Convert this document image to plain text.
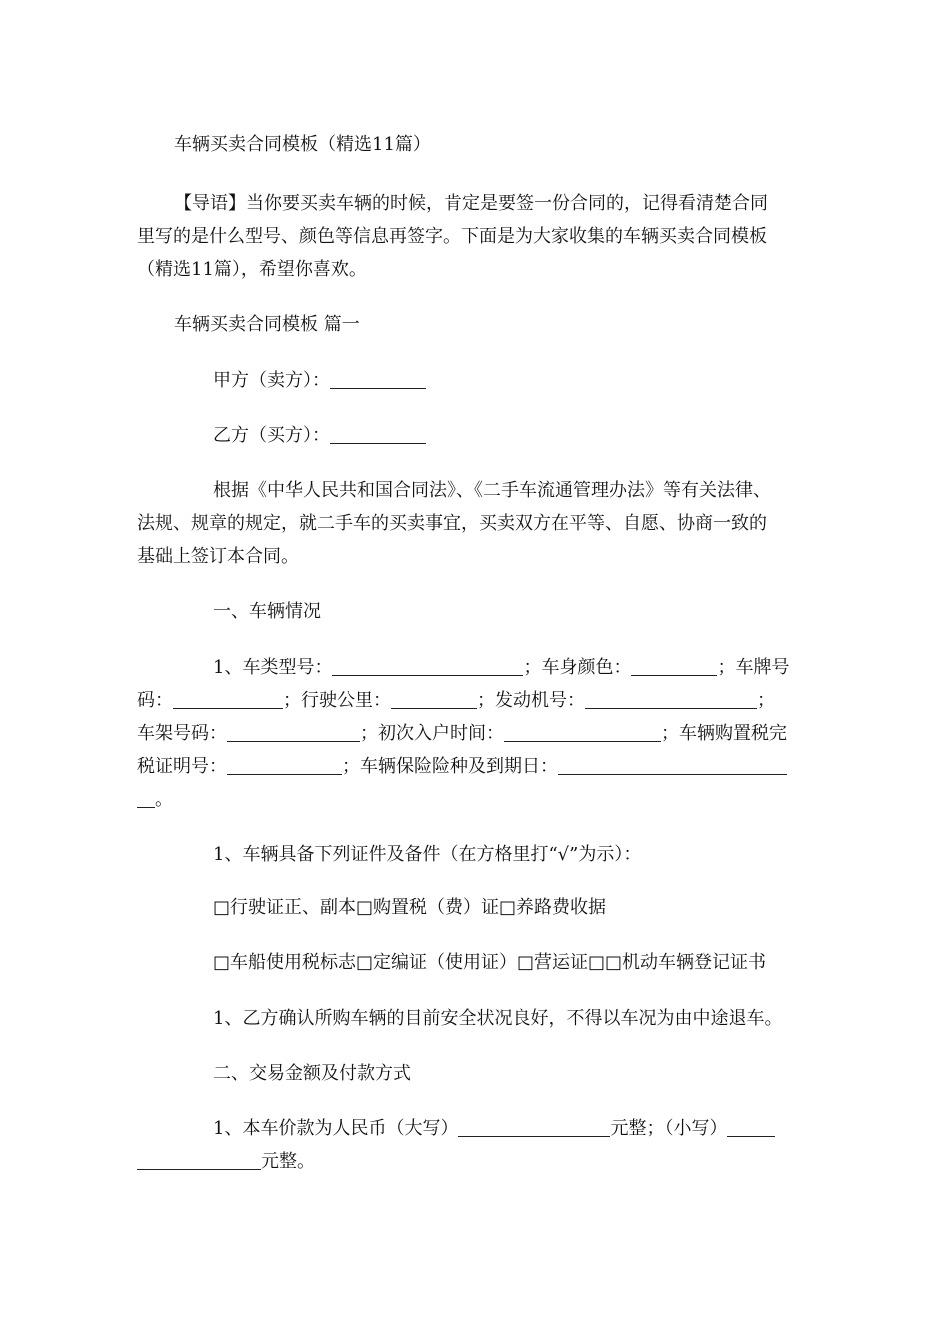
车辆买卖合同模板（精选11篇）

【导语】当你要买卖车辆的时候，肯定是要签一份合同的，记得看清楚合同

里写的是什么型号、颜色等信息再签字。下面是为大家收集的车辆买卖合同模板

（精选11篇），希望你喜欢。

车辆买卖合同模板 篇一

甲方（卖方）：

乙方（买方）：

根据《中华人民共和国合同法》、《二手车流通管理办法》等有关法律、

法规、规章的规定，就二手车的买卖事宜，买卖双方在平等、自愿、协商一致的

基础上签订本合同。

一、车辆情况

1、车类型号：	；车身颜色：	；车牌号

码：	；行驶公里：	；发动机号：	；

车架号码：	；初次入户时间：	；车辆购置税完

税证明号：	；车辆保险险种及到期日：

。

1、车辆具备下列证件及备件（在方格里打“√”为示）：

□行驶证正、副本□购置税（费）证□养路费收据

□车船使用税标志□定编证（使用证）□营运证□□机动车辆登记证书

1、乙方确认所购车辆的目前安全状况良好，不得以车况为由中途退车。

二、交易金额及付款方式

1、本车价款为人民币（大写）	元整；（小写）

元整。
